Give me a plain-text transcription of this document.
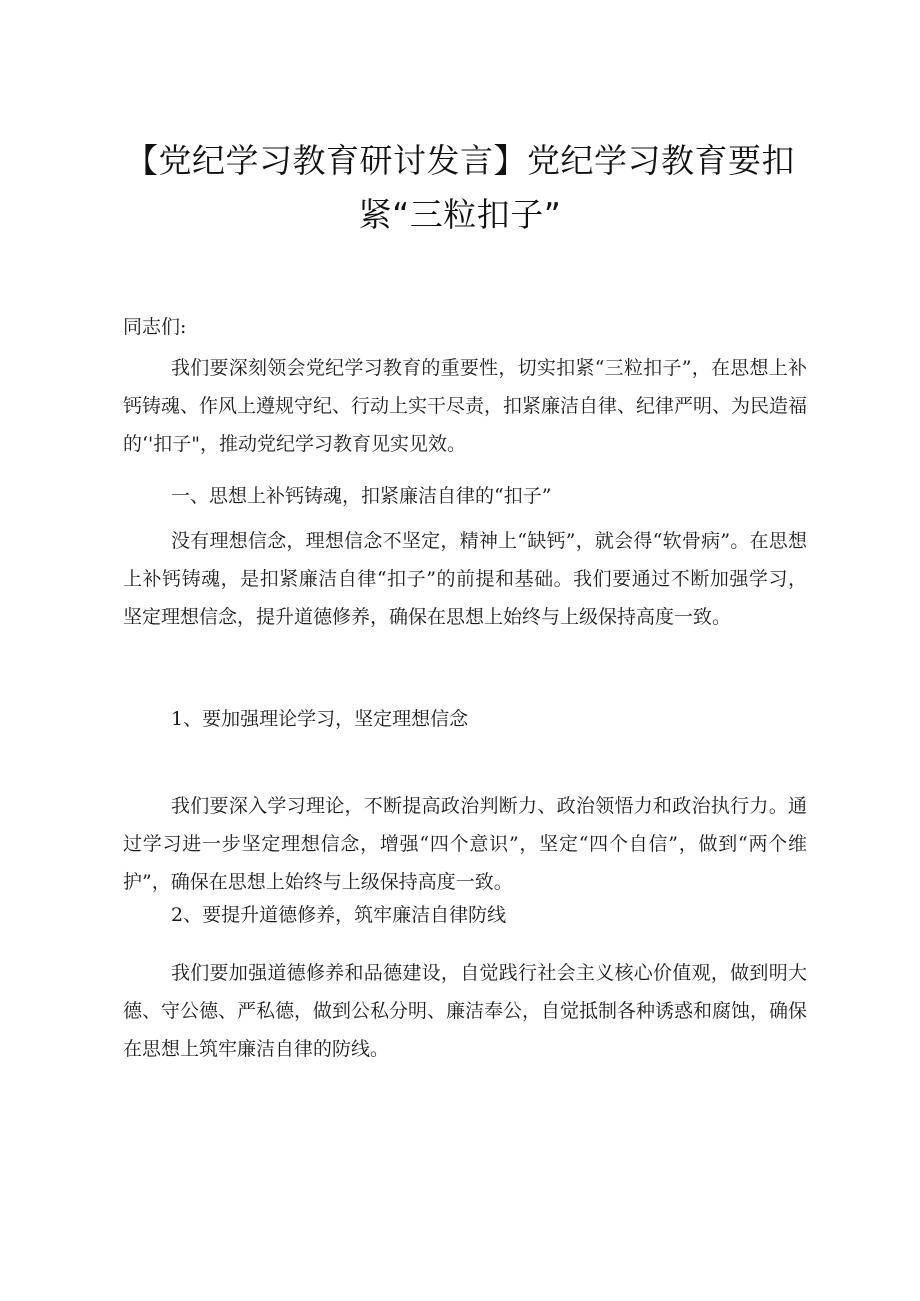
【党纪学习教育研讨发言】党纪学习教育要扣
紧“三粒扣子”
同志们:
我们要深刻领会党纪学习教育的重要性，切实扣紧“三粒扣子”，在思想上补钙铸魂、作风上遵规守纪、行动上实干尽责，扣紧廉洁自律、纪律严明、为民造福的‘'扣子"，推动党纪学习教育见实见效。
一、思想上补钙铸魂，扣紧廉洁自律的“扣子”
没有理想信念，理想信念不坚定，精神上“缺钙”，就会得“软骨病”。在思想上补钙铸魂，是扣紧廉洁自律“扣子”的前提和基础。我们要通过不断加强学习，坚定理想信念，提升道德修养，确保在思想上始终与上级保持高度一致。
1、要加强理论学习，坚定理想信念
我们要深入学习理论，不断提高政治判断力、政治领悟力和政治执行力。通过学习进一步坚定理想信念，增强“四个意识”，坚定“四个自信”，做到“两个维护”，确保在思想上始终与上级保持高度一致。
2、要提升道德修养，筑牢廉洁自律防线
我们要加强道德修养和品德建设，自觉践行社会主义核心价值观，做到明大德、守公德、严私德，做到公私分明、廉洁奉公，自觉抵制各种诱惑和腐蚀，确保在思想上筑牢廉洁自律的防线。
